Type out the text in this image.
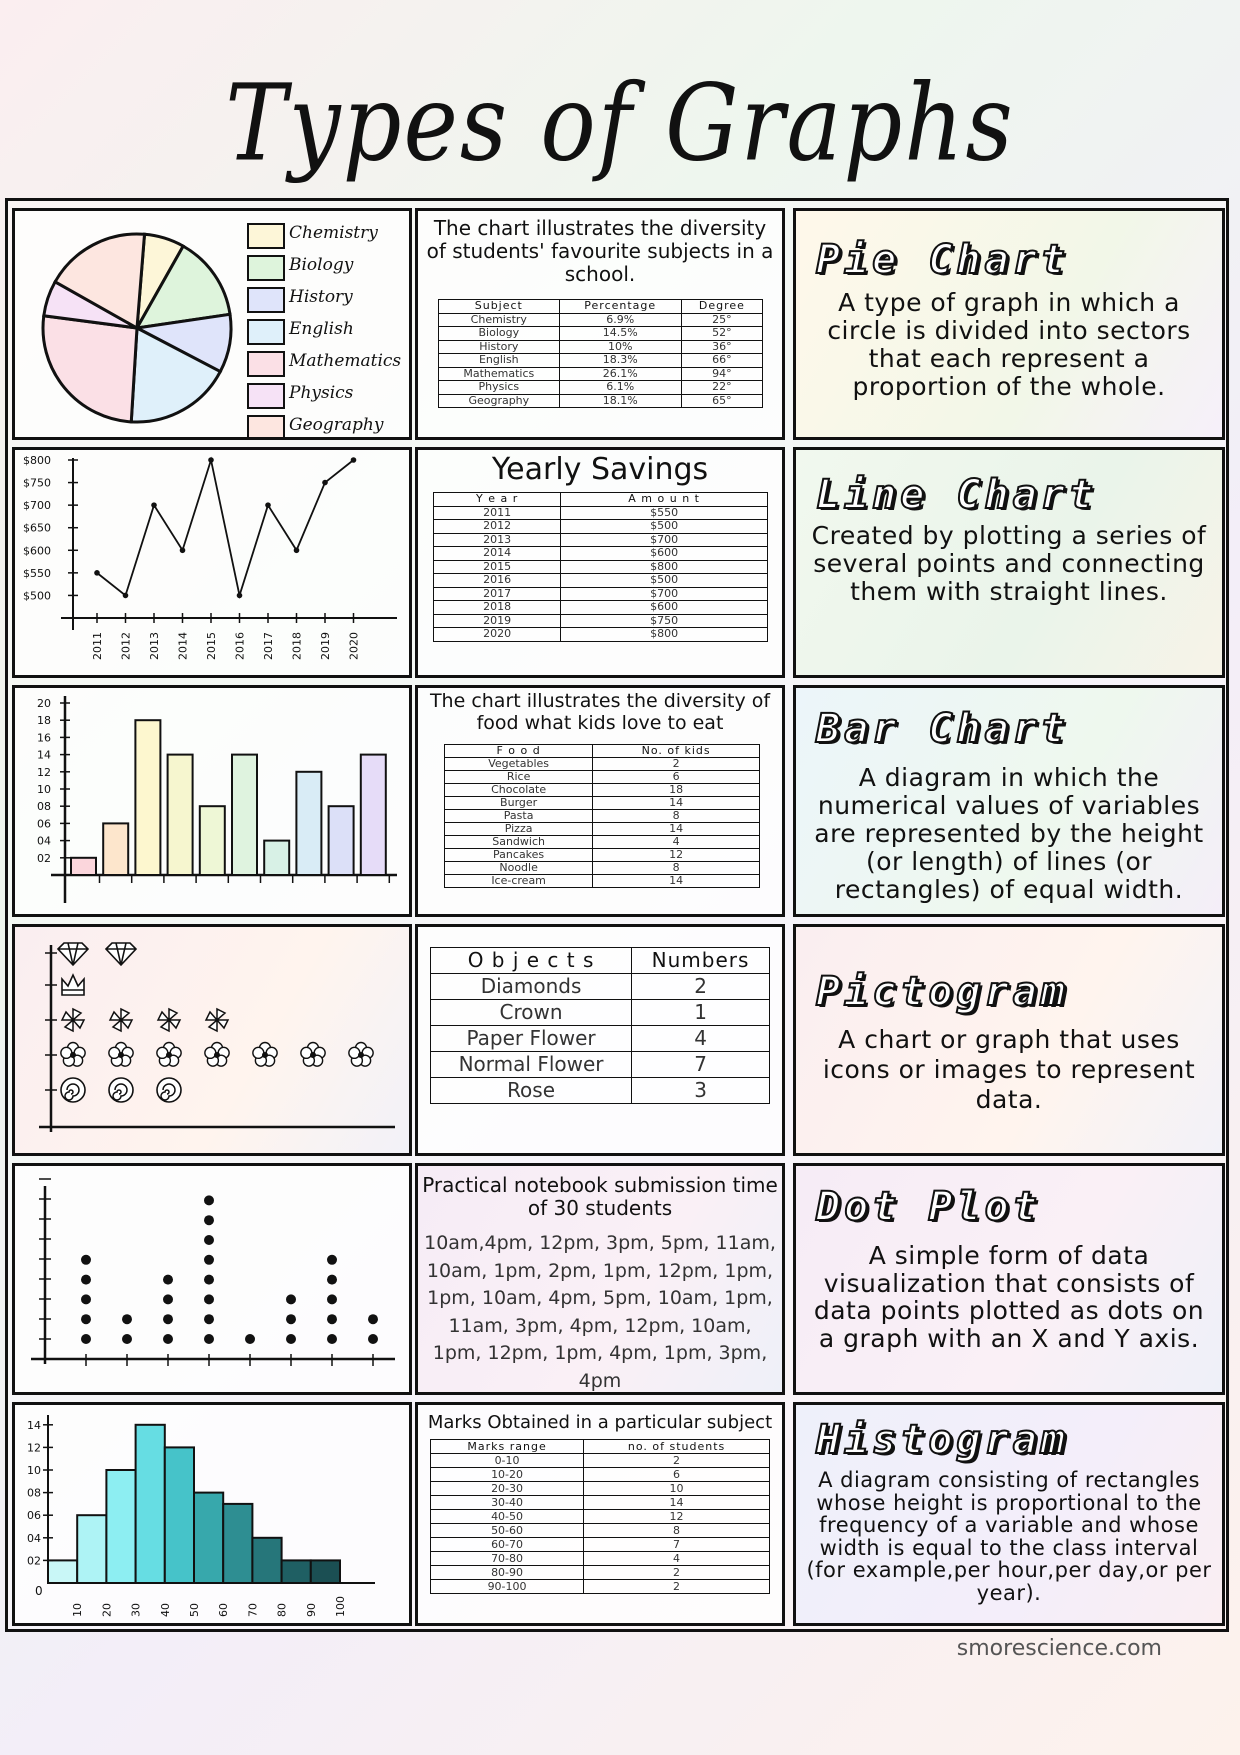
Types of Graphs
Chemistry
Biology
History
English
Mathematics
Physics
Geography
The chart illustrates the diversity of students' favourite subjects in a school.
Subject	Percentage	Degree
Chemistry	6.9%	25°
Biology	14.5%	52°
History	10%	36°
English	18.3%	66°
Mathematics	26.1%	94°
Physics	6.1%	22°
Geography	18.1%	65°
Pie Chart
A type of graph in which a circle is divided into sectors that each represent a proportion of the whole.
$500
$550
$600
$650
$700
$750
$800
2011 2012 2013 2014 2015 2016 2017 2018 2019 2020
Yearly Savings
Y e a r	A m o u n t
2011	$550
2012	$500
2013	$700
2014	$600
2015	$800
2016	$500
2017	$700
2018	$600
2019	$750
2020	$800
Line Chart
Created by plotting a series of several points and connecting them with straight lines.
02
04
06
08
10
12
14
16
18
20	The chart illustrates the diversity of food what kids love to eat
F o o d	No. of kids
Vegetables	2
Rice	6
Chocolate	18
Burger	14
Pasta	8
Pizza	14
Sandwich	4
Pancakes	12
Noodle	8
Ice-cream	14
Bar Chart
A diagram in which the numerical values of variables are represented by the height (or length) of lines (or rectangles) of equal width.
O b j e c t s	Numbers
Diamonds	2
Crown	1
Paper Flower	4
Normal Flower	7
Rose	3
Pictogram
A chart or graph that uses icons or images to represent data.
Practical notebook submission time of 30 students
10am,4pm, 12pm, 3pm, 5pm, 11am, 10am, 1pm, 2pm, 1pm, 12pm, 1pm, 1pm, 10am, 4pm, 5pm, 10am, 1pm, 11am, 3pm, 4pm, 12pm, 10am, 1pm, 12pm, 1pm, 4pm, 1pm, 3pm, 4pm
Dot Plot
A simple form of data visualization that consists of data points plotted as dots on a graph with an X and Y axis.
02
04
06
08
10
12
14
0
10 20 30 40 50 60 70 80 90 100
Marks Obtained in a particular subject
Marks range	no. of students
0-10	2
10-20	6
20-30	10
30-40	14
40-50	12
50-60	8
60-70	7
70-80	4
80-90	2
90-100	2
Histogram
A diagram consisting of rectangles whose height is proportional to the frequency of a variable and whose width is equal to the class interval (for example,per hour,per day,or per year).
smorescience.com
